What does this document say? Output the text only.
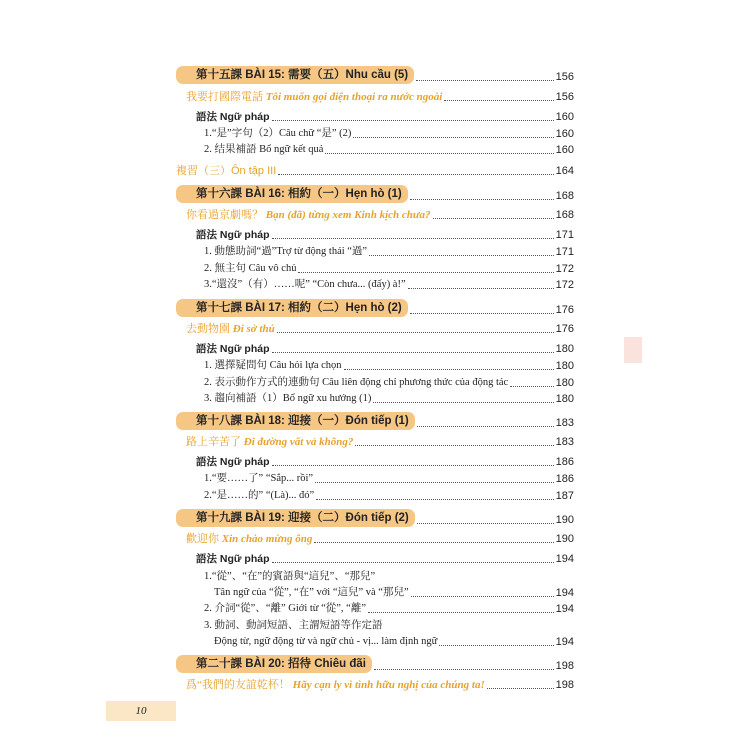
第十五課 BÀI 15: 需要（五）Nhu cầu (5)	156
我要打國際電話 Tôi muốn gọi điện thoại ra nước ngoài	156
語法 Ngữ pháp	160
1.“是”字句（2）Câu chữ “是” (2)	160
2. 结果補語 Bổ ngữ kết quả	160
複習（三）Ôn tập III	164
第十六課 BÀI 16: 相約（一）Hẹn hò (1)	168
你看過京劇嗎？ Bạn (đã) từng xem Kinh kịch chưa?	168
語法 Ngữ pháp	171
1. 動態助詞“過”Trợ từ động thái “過”	171
2. 無主句 Câu vô chủ	172
3.“還沒”（有）……呢” “Còn chưa... (đấy) à!”	172
第十七課 BÀI 17: 相約（二）Hẹn hò (2)	176
去動物園 Đi sở thú	176
語法 Ngữ pháp	180
1. 選擇疑問句 Câu hỏi lựa chọn	180
2. 表示動作方式的連動句 Câu liên động chỉ phương thức của động tác	180
3. 趨向補語（1）Bổ ngữ xu hướng (1)	180
第十八課 BÀI 18: 迎接（一）Đón tiếp (1)	183
路上辛苦了 Đi đường vất vả không?	183
語法 Ngữ pháp	186
1.“要……了” “Sắp... rồi”	186
2.“是……的” “(Là)... đó”	187
第十九課 BÀI 19: 迎接（二）Đón tiếp (2)	190
歡迎你 Xin chào mừng ông	190
語法 Ngữ pháp	194
1.“從”、“在”的賓語與“這兒”、“那兒”
Tân ngữ của “從”, “在” với “這兒” và “那兒”	194
2. 介詞“從”、“離” Giới từ “從”, “離”	194
3. 動詞、動詞短語、主謂短語等作定語
Động từ, ngữ động từ và ngữ chủ - vị... làm định ngữ	194
第二十課 BÀI 20: 招待 Chiêu đãi	198
爲“我們的友誼乾杯！ Hãy cạn ly vì tình hữu nghị của chúng ta!	198
10
